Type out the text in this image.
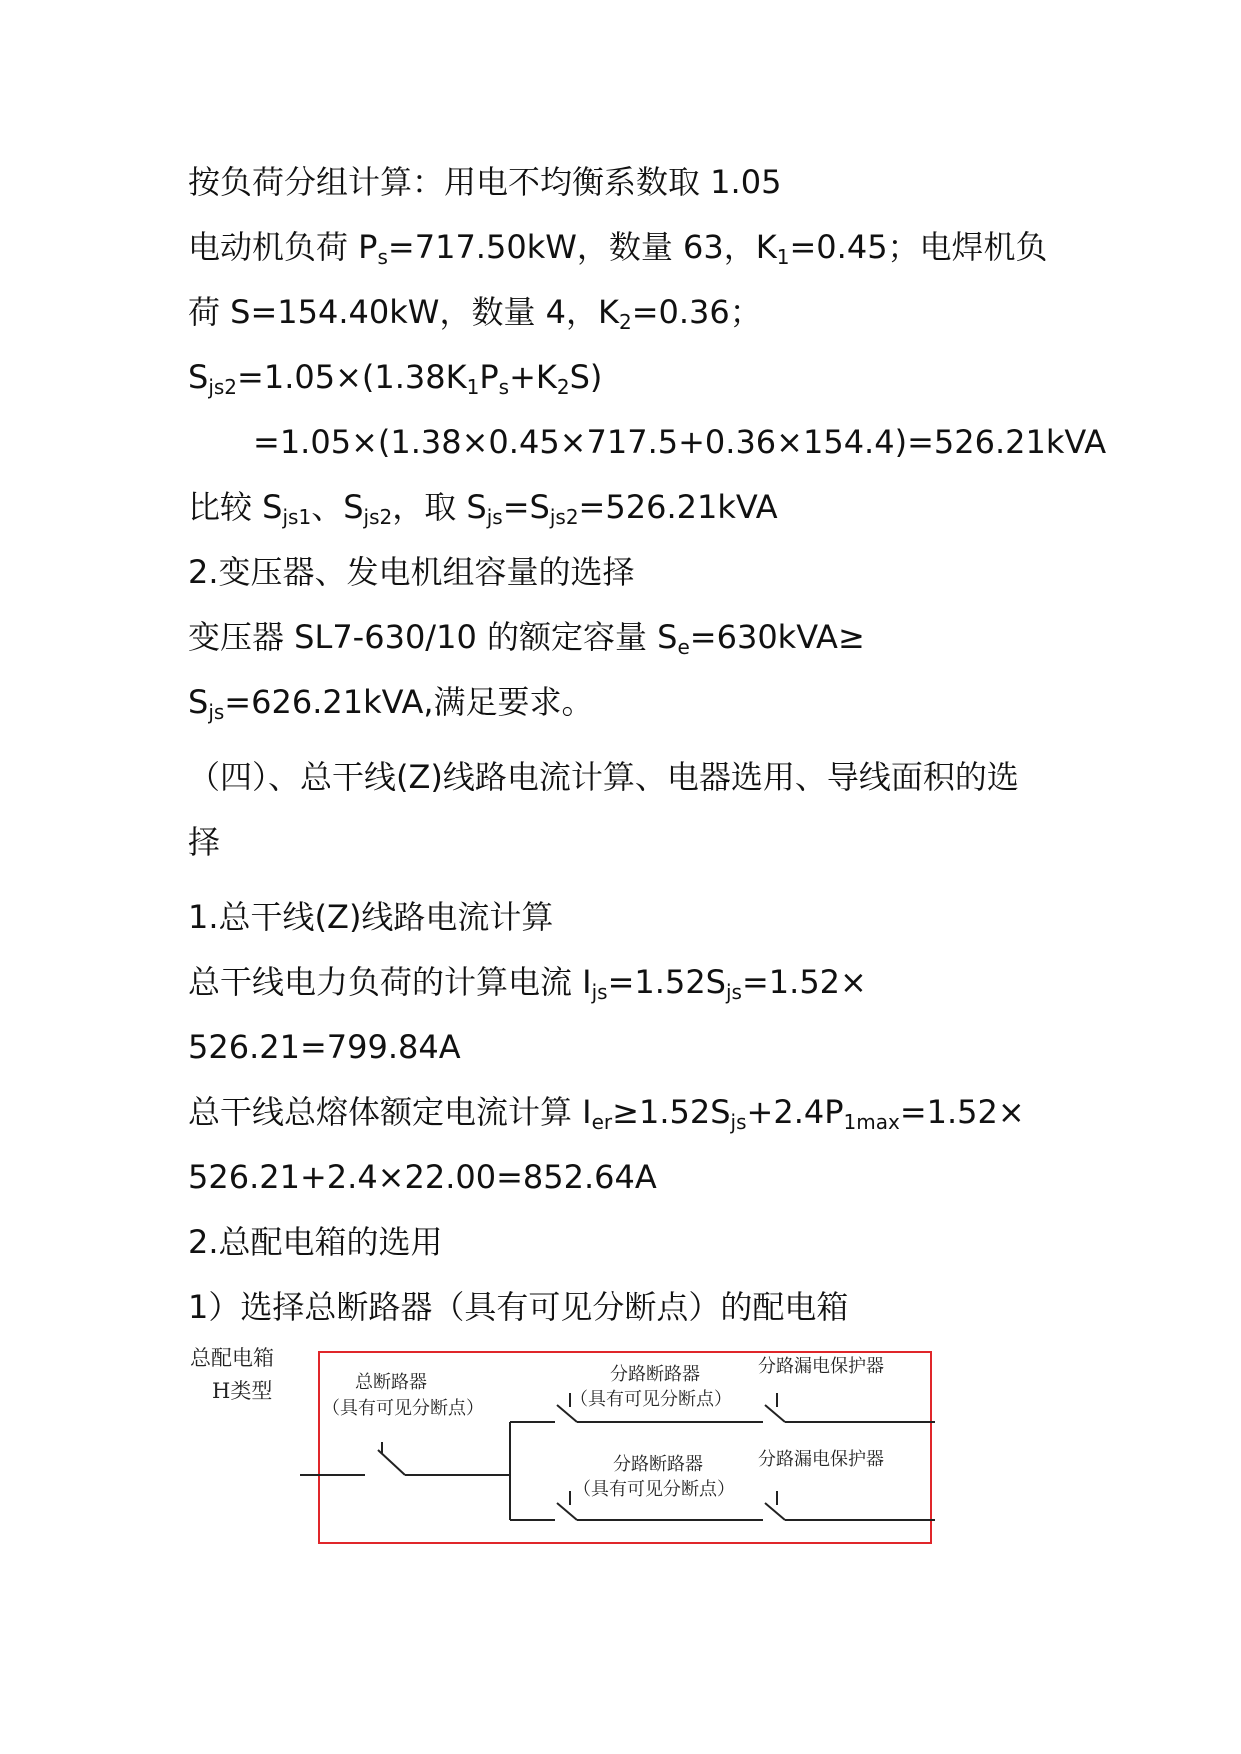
按负荷分组计算：用电不均衡系数取 1.05
电动机负荷 $P_s=717.50kW$，数量 63，$K_1=0.45$；电焊机负
荷 S=154.40kW，数量 4，$K_2=0.36$；
$S_{js2}=1.05\times(1.38K_1P_s+K_2S)$
=1.05×(1.38×0.45×717.5+0.36×154.4)=526.21kVA
比较 $S_{js1}$、$S_{js2}$，取 $S_{js}=S_{js2}=526.21kVA$
2.变压器、发电机组容量的选择
变压器 SL7-630/10 的额定容量 $S_e=630kVA\ge$
$S_{js}=626.21kVA$,满足要求。
（四）、总干线(Z)线路电流计算、电器选用、导线面积的选
择
1.总干线(Z)线路电流计算
总干线电力负荷的计算电流 $I_{js}=1.52S_{js}=1.52\times$
526.21=799.84A
总干线总熔体额定电流计算 $I_{er}\ge 1.52S_{js}+2.4P_{1max}=1.52\times$
526.21+2.4×22.00=852.64A
2.总配电箱的选用
1）选择总断路器（具有可见分断点）的配电箱
总配电箱
H类型	总断路器
（具有可见分断点）
分路断路器
（具有可见分断点）
分路漏电保护器
分路断路器
（具有可见分断点）
分路漏电保护器
